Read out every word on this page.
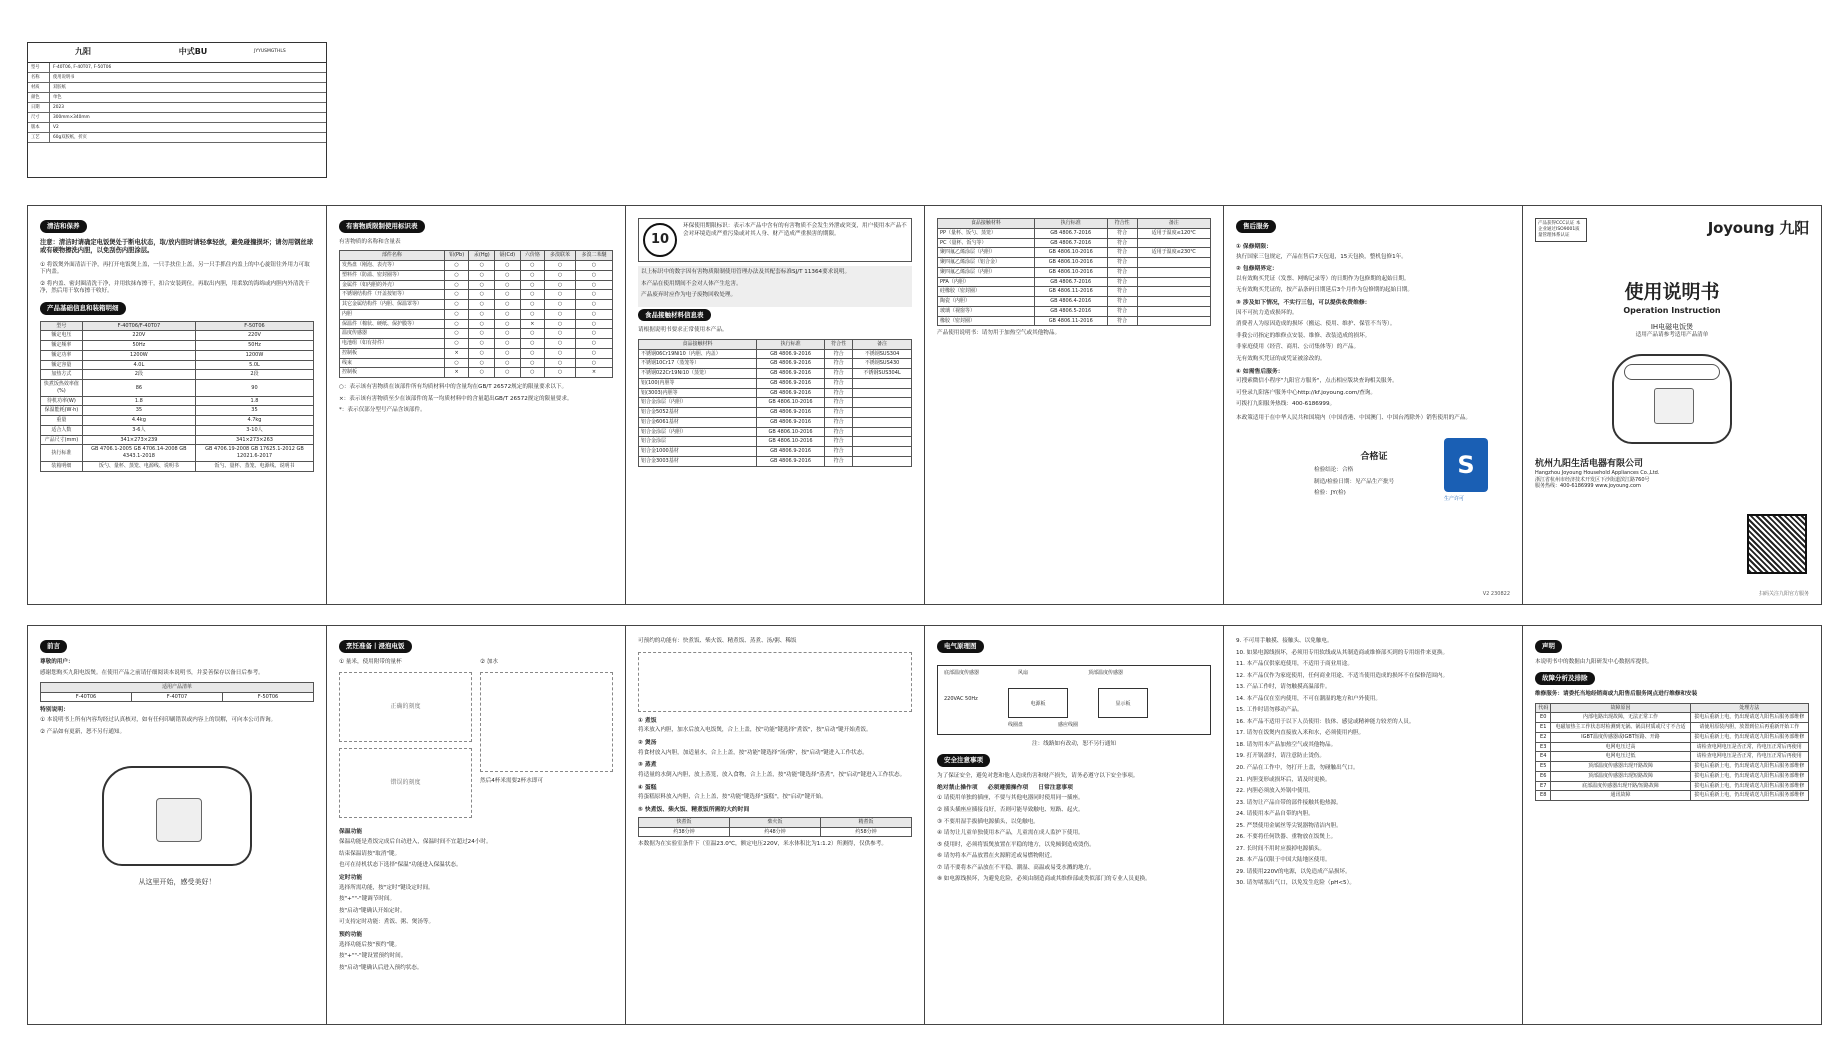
九阳	中式BU	JYYUSMGTHLS
型号	F-40T06, F-40T07, F-50T06
名称	使用说明书
材质	双胶纸
颜色	单色
日期	2023
尺寸	300mm×340mm
版本	V2
工艺	60g双胶纸，折页
清洁和保养
注意：清洁时请确定电饭煲处于断电状态，取/放内胆时请轻拿轻放，避免碰撞损坏；请勿用钢丝球或有硬物擦洗内胆，以免刮伤内胆涂层。
① 将饭煲外面清洁干净，再打开电饭煲上盖，一只手扶住上盖，另一只手抓住内盖上的中心旋钮往外用力可取下内盖。
② 将内盖、密封圈清洗干净，并用软抹布擦干，扣合安装到位。再取出内胆，用柔软的海绵或内胆内外清洗干净，然后用干软布擦干收好。
产品基础信息和装箱明细
型号	F-40T06/F-40T07	F-50T06
额定电压	220V	220V
额定频率	50Hz	50Hz
额定功率	1200W	1200W
额定容量	4.0L	5.0L
加热方式	2段	2段
快煮饭热效率值(%)	86	90
待机功率(W)	1.8	1.8
保温能耗(W·h)	35	35
重量	4.4kg	4.7kg
适合人数	3-6人	3-10人
产品尺寸(mm)	341×273×239	341×273×263
执行标准	GB 4706.1-2005 GB 4706.14-2008 GB 4343.1-2018	GB 4706.19-2008 GB 17625.1-2012 GB 12021.6-2017
装箱明细	饭勺、量杯、蒸笼、电源线、说明书	饭勺、量杯、蒸笼、电源线、说明书
有害物质限制使用标识表
有害物质的名称和含量表
部件名称	铅(Pb)	汞(Hg)	镉(Cd)	六价铬	多溴联苯	多溴二苯醚
发热盘（刚泡、表壳等）	○	○	○	○	○	○
塑料件（防溢、密封圈等）	○	○	○	○	○	○
金属件（如内胆的外壳）	○	○	○	○	○	○
不锈钢结构件（开盖按钮等）	○	○	○	○	○	○
其它金属结构件（内胆、保温罩等）	○	○	○	○	○	○
内胆	○	○	○	○	○	○
保温件（棉状、硬纸、保护膜等）	○	○	○	×	○	○
温度传感器	○	○	○	○	○	○
电池组（如有持件）	○	○	○	○	○	○
控制板	×	○	○	○	○	○
线束	○	○	○	○	○	○
控制板	×	○	○	○	○	×
○：表示该有害物质在该部件所有均质材料中的含量均在GB/T 26572规定的限量要求以下。
×：表示该有害物质至少在该部件的某一均质材料中的含量超出GB/T 26572规定的限量要求。
*：表示仅部分型号产品含该部件。
10
环保使用期限标识：表示本产品中含有的有害物质不会发生外泄或突变，用户使用本产品不会对环境造成严重污染或对其人身、财产造成严重损害的期限。
以上标识中的数字因有害物质限制使用管理办法及其配套标准SJ/T 11364要求说明。
本产品在使用期间不会对人体产生危害。
产品废弃时应作为电子废物回收处理。
食品接触材料信息表
请根据说明书要求正常使用本产品。
食品接触材料	执行标准	符合性	备注
不锈钢06Cr19Ni10（内胆、内盖）	GB 4806.9-2016	符合	不锈钢SUS304
不锈钢10Cr17（蒸笼等）	GB 4806.9-2016	符合	不锈钢SUS430
不锈钢022Cr19Ni10（蒸笼）	GB 4806.9-2016	符合	不锈钢SUS304L
铝(100)内胆等	GB 4806.9-2016	符合	
铝(3003)内胆等	GB 4806.9-2016	符合	
铝合金涂层（内胆）	GB 4806.10-2016	符合	
铝合金5052基材	GB 4806.9-2016	符合	
铝合金6061基材	GB 4806.9-2016	符合	
铝合金涂层（内胆）	GB 4806.10-2016	符合	
铝合金涂层	GB 4806.10-2016	符合	
铝合金1000基材	GB 4806.9-2016	符合	
铝合金3003基材	GB 4806.9-2016	符合	
食品接触材料	执行标准	符合性	备注
PP（量杯、饭勺、蒸笼）	GB 4806.7-2016	符合	适用于温度≤120℃
PC（量杯、饭勺等）	GB 4806.7-2016	符合	
聚四氟乙烯涂层（内胆）	GB 4806.10-2016	符合	适用于温度≤230℃
聚四氟乙烯涂层（铝合金）	GB 4806.10-2016	符合	
聚四氟乙烯涂层（内胆）	GB 4806.10-2016	符合	
PFA（内胆）	GB 4806.7-2016	符合	
硅橡胶（密封圈）	GB 4806.11-2016	符合	
陶瓷（内胆）	GB 4806.4-2016	符合	
玻璃（视窗等）	GB 4806.5-2016	符合	
橡胶（密封圈）	GB 4806.11-2016	符合	
产品使用说明书：请勿用于加热空气或其他物品。
售后服务
① 保修期限：
执行国家三包规定，产品在售后7天包退，15天包换，整机包修1年。
② 包修期界定：
以有效购买凭证（发票、网购记录等）的日期作为包修期的起始日期。
无有效购买凭证的，按产品条码日期延后3个月作为包修期的起始日期。
③ 涉及如下情况，不实行三包，可以提供收费维修：
因不可抗力造成损坏的。
消费者人为原因造成的损坏（搬运、使用、维护、保管不当等）。
非我公司指定的维修点安装、维修、改装造成的损坏。
非家庭使用（经营、商用、公司集体等）的产品。
无有效购买凭证的或凭证被涂改的。
④ 如需售后服务：
可搜索微信小程序"九阳官方服务"，点击相应版块查询相关服务。
可登录九阳客户服务中心http://kf.joyoung.com/查询。
可拨打九阳服务热线：400-6186999。
本政策适用于在中华人民共和国境内（中国香港、中国澳门、中国台湾除外）销售使用的产品。
合格证
检验结论：合格
制造/检验日期：见产品生产批号
检验：JY(检)
S
生产许可
V2 230822
产品获得CCC认证 本企业通过ISO9001质量管理体系认证	Joyoung 九阳
使用说明书
Operation Instruction
IH电磁电饭煲
适用产品请参考适用产品清单
杭州九阳生活电器有限公司
Hangzhou Joyoung Household Appliances Co.,Ltd.
浙江省杭州市经济技术开发区下沙街道滨江路760号
服务热线：400-6186999 www.joyoung.com
扫码关注九阳官方服务
前言
尊敬的用户：
感谢您购买九阳电饭煲。在使用产品之前请仔细阅读本说明书，并妥善保存以备日后参考。
适用产品清单
F-40T06	F-40T07	F-50T06
特别说明：
① 本说明书上所有内容均经过认真核对，如有任何印刷错误或内容上的误解，可向本公司咨询。
② 产品如有更新，恕不另行通知。
从这里开始，感受美好！
烹饪准备丨浸泡电饭
① 量米，使用附带的量杯
正确的刻度
错误的刻度
② 加水
然后4杯米需要2杯水即可
保温功能
保温功能是煮饭完成后自动进入，保温时间不宜超过24小时。
结束保温请按"取消"键。
也可在待机状态下选择"保温"功能进入保温状态。
定时功能
选择所需功能，按"定时"键设定时间。
按"+""-"键调节时间。
按"启动"键确认开始定时。
可支持定时功能：煮饭、粥、煲汤等。
预约功能
选择功能后按"预约"键。
按"+""-"键设置预约时间。
按"启动"键确认后进入预约状态。
可预约的功能有：快煮饭、柴火饭、精煮饭、蒸煮、汤/粥、稀饭
① 煮饭
将米放入内胆，加水后放入电饭煲，合上上盖，按"功能"键选择"煮饭"，按"启动"键开始煮饭。
② 煲汤
将食材放入内胆，加适量水，合上上盖，按"功能"键选择"汤/粥"，按"启动"键进入工作状态。
③ 蒸煮
将适量的水倒入内胆，放上蒸笼，放入食物，合上上盖，按"功能"键选择"蒸煮"，按"启动"键进入工作状态。
④ 蛋糕
将蛋糕原料放入内胆，合上上盖，按"功能"键选择"蛋糕"，按"启动"键开始。
⑤ 快煮饭、柴火饭、精煮饭所需的大约时间
快煮饭	柴火饭	精煮饭
约38分钟	约48分钟	约58分钟
本数据为在实验室条件下（室温23.0℃，额定电压220V，米水体积比为1:1.2）所测得，仅供参考。
电气原理图
底部温度传感器	风扇	顶部温度传感器
电源板	显示板
220VAC 50Hz
线圈盘	感应线圈
注：线路如有改动，恕不另行通知
安全注意事项
为了保证安全，避免对您和他人造成伤害和财产损失，请务必遵守以下安全事项。
绝对禁止操作项 必须遵循操作项 日常注意事项
① 请使用单独的插座，不要与其他电器同时使用同一插座。
② 插头插座应插接良好，否则可能导致触电、短路、起火。
③ 不要用湿手拔插电源插头，以免触电。
④ 请勿让儿童单独使用本产品，儿童需在成人监护下使用。
⑤ 使用时，必须将饭煲放置在平稳的地方，以免倾倒造成烫伤。
⑥ 请勿将本产品放置在火源附近或易燃物附近。
⑦ 请不要将本产品放在不平稳、潮湿、高温或易受水溅的地方。
⑧ 如电源线损坏，为避免危险，必须由制造商或其维修部或类似部门的专业人员更换。
9. 不可用手触摸、接触头、以免触电。
10. 如果电源线损坏，必须用专用软线或从其制造商或维修部买到的专用组件来更换。
11. 本产品仅供家庭使用，不适用于商业用途。
12. 本产品仅作为家庭使用，任何商业用途、不适当使用造成的损坏不在保修范围内。
13. 产品工作时，请勿触摸高温部件。
14. 本产品仅在室内使用，不可在潮湿的地方和户外使用。
15. 工作时请勿移动产品。
16. 本产品不适用于以下人员使用：肢体、感觉或精神能力较差的人员。
17. 请勿在饭煲内直接放入米和水，必须使用内胆。
18. 请勿用本产品加热空气或其他物品。
19. 打开锅盖时，请注意防止烫伤。
20. 产品在工作中，勿打开上盖，勿碰触出气口。
21. 内胆变形或损坏后，请及时更换。
22. 内胆必须放入外锅中使用。
23. 请勿让产品自带的部件接触其他热源。
24. 请使用本产品自带的内胆。
25. 严禁使用金属丝等尖锐器物清洁内胆。
26. 不要将任何铁器、重物放在饭煲上。
27. 长时间不用时应拔掉电源插头。
28. 本产品仅限于中国大陆地区使用。
29. 请使用220V的电源，以免造成产品损坏。
30. 请勿堵塞出气口，以免发生危险（pH<5）。
声明
本说明书中的数据由九阳研发中心数据库提供。
故障分析及排除
维修服务：请委托当地经销商或九阳售后服务网点进行维修和安装
代码	故障原因	处理方法
E0	内部电路出现故障，无法正常工作	拔电后重新上电，仍出现请送九阳售后服务部维修
E1	电磁加热主工作状态时检测到无锅、锅具材质或尺寸不合适	请使用原装内胆，放置到位后再重新开始工作
E2	IGBT温度传感器或IGBT短路、开路	拔电后重新上电，仍出现请送九阳售后服务部维修
E3	电网电压过高	请检查电网电压是否正常，待电压正常后再使用
E4	电网电压过低	请检查电网电压是否正常，待电压正常后再使用
E5	顶部温度传感器出现开路故障	拔电后重新上电，仍出现请送九阳售后服务部维修
E6	顶部温度传感器出现短路故障	拔电后重新上电，仍出现请送九阳售后服务部维修
E7	底部温度传感器出现开路/短路故障	拔电后重新上电，仍出现请送九阳售后服务部维修
E8	通讯故障	拔电后重新上电，仍出现请送九阳售后服务部维修
